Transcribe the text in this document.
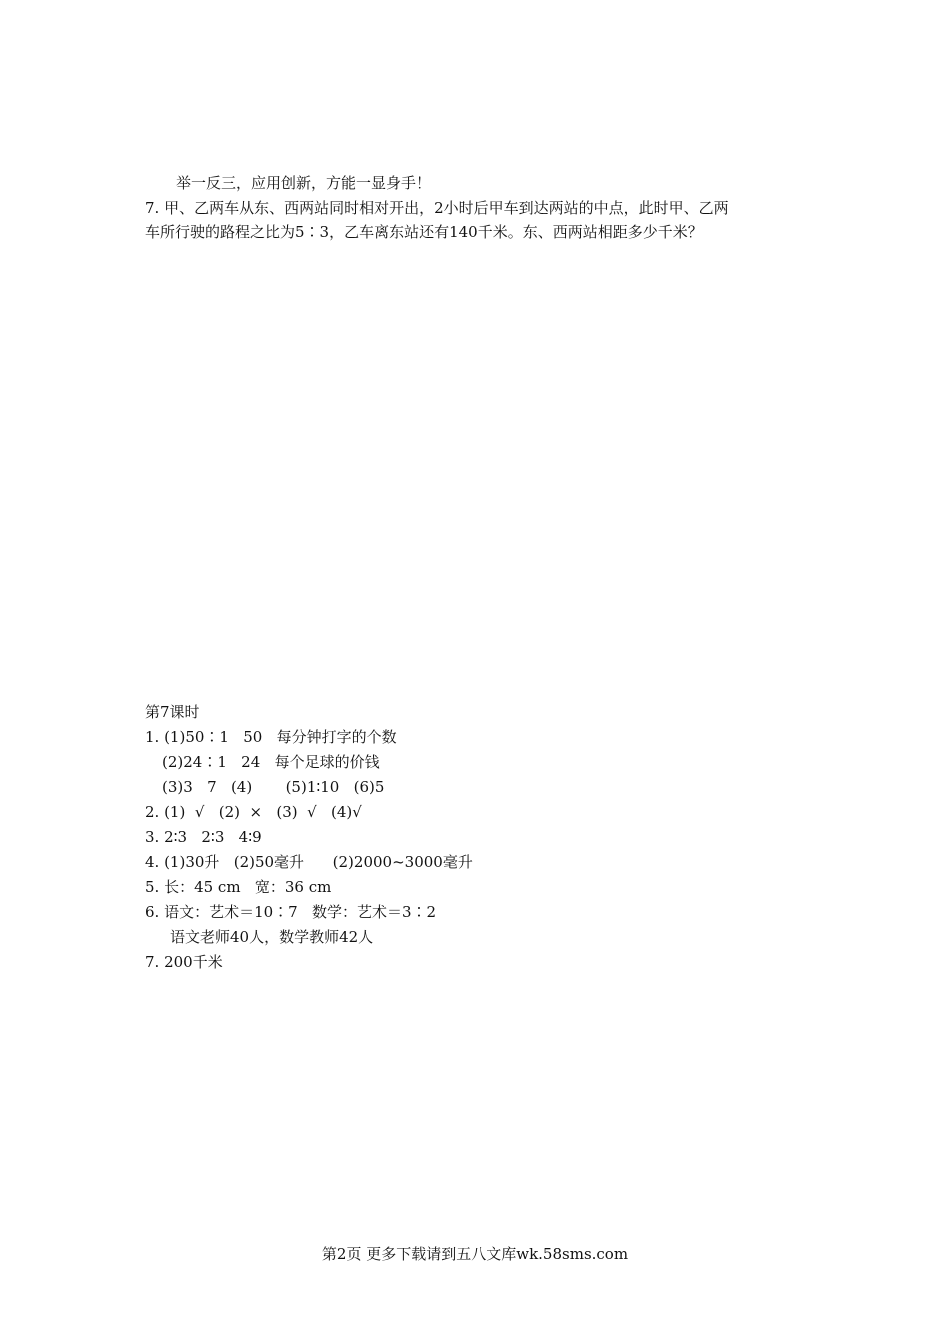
举一反三，应用创新，方能一显身手！
7. 甲、乙两车从东、西两站同时相对开出，2小时后甲车到达两站的中点，此时甲、乙两
车所行驶的路程之比为5∶3，乙车离东站还有140千米。东、西两站相距多少千米？
第7课时
1. (1)50∶1   50   每分钟打字的个数
(2)24∶1   24   每个足球的价钱
(3)3   7   (4)       (5)1∶10   (6)5
2. (1)  √   (2)  ×   (3)  √   (4)√
3. 2∶3   2∶3   4∶9
4. (1)30升   (2)50毫升      (2)2000~3000毫升
5. 长：45 cm   宽：36 cm
6. 语文：艺术＝10∶7   数学：艺术＝3∶2
语文老师40人，数学教师42人
7. 200千米
第2页 更多下载请到五八文库wk.58sms.com
